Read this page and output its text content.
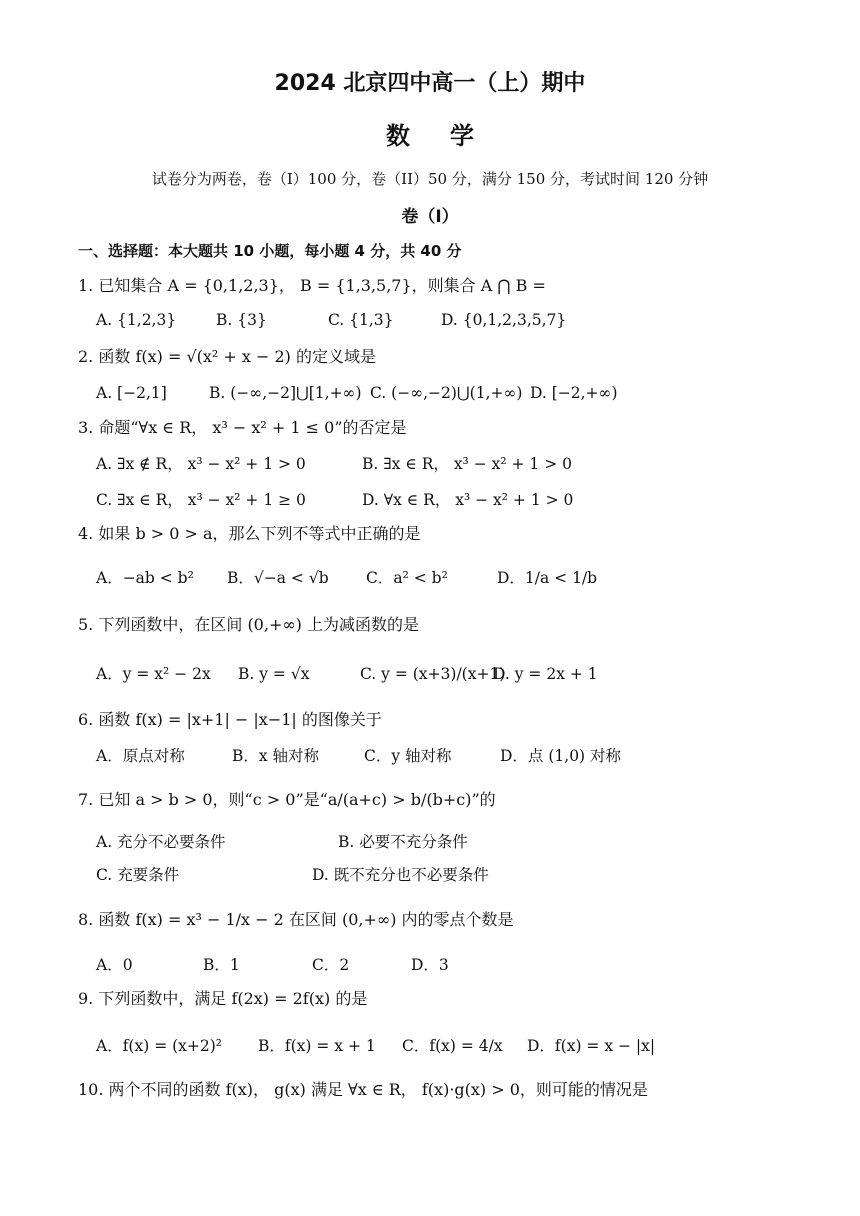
2024 北京四中高一（上）期中
数学
试卷分为两卷，卷（I）100 分，卷（II）50 分，满分 150 分，考试时间 120 分钟
卷（I）
一、选择题：本大题共 10 小题，每小题 4 分，共 40 分
1. 已知集合 A = {0,1,2,3}， B = {1,3,5,7}，则集合 A ⋂ B =
A. {1,2,3}	B. {3}	C. {1,3}	D. {0,1,2,3,5,7}
2. 函数 f(x) = √(x² + x − 2) 的定义域是
A. [−2,1]	B. (−∞,−2]⋃[1,+∞) C. (−∞,−2)⋃(1,+∞) D. [−2,+∞)
3. 命题“∀x ∈ R， x³ − x² + 1 ≤ 0”的否定是
A. ∃x ∉ R， x³ − x² + 1 > 0	B. ∃x ∈ R， x³ − x² + 1 > 0
C. ∃x ∈ R， x³ − x² + 1 ≥ 0	D. ∀x ∈ R， x³ − x² + 1 > 0
4. 如果 b > 0 > a，那么下列不等式中正确的是
A．−ab < b² B．√−a < √b C．a² < b²	D．1/a < 1/b
5. 下列函数中，在区间 (0,+∞) 上为减函数的是
A．y = x² − 2x B. y = √x	C. y = (x+3)/(x+1)
D. y = 2x + 1
6. 函数 f(x) = |x+1| − |x−1| 的图像关于
A．原点对称	B．x 轴对称	C．y 轴对称	D．点 (1,0) 对称
7. 已知 a > b > 0，则“c > 0”是“a/(a+c) > b/(b+c)”的
A. 充分不必要条件	B. 必要不充分条件
C. 充要条件	D. 既不充分也不必要条件
8. 函数 f(x) = x³ − 1/x − 2 在区间 (0,+∞) 内的零点个数是
A．0	B．1	C．2	D．3
9. 下列函数中，满足 f(2x) = 2f(x) 的是
A．f(x) = (x+2)² B．f(x) = x + 1 C．f(x) = 4/x D．f(x) = x − |x|
10. 两个不同的函数 f(x)， g(x) 满足 ∀x ∈ R， f(x)·g(x) > 0，则可能的情况是
